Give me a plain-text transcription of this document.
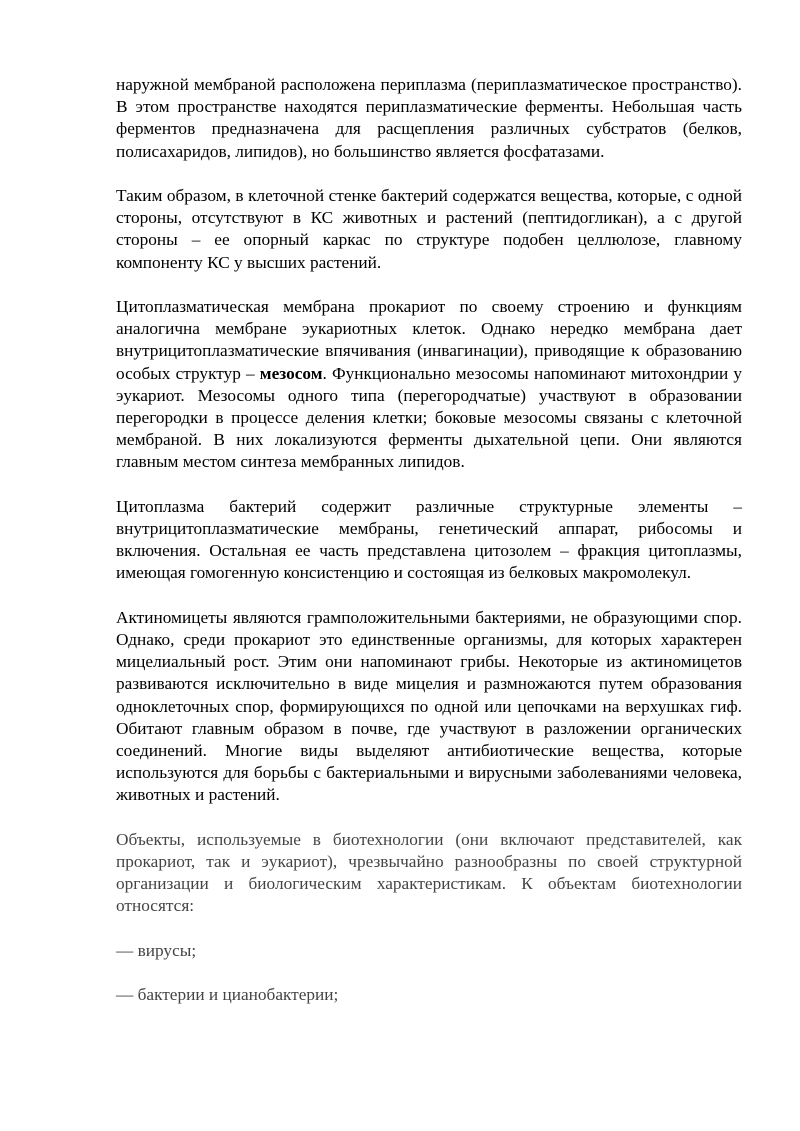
наружной мембраной расположена периплазма (периплазматическое пространство). В этом пространстве находятся периплазматические ферменты. Небольшая часть ферментов предназначена для расщепления различных субстратов (белков, полисахаридов, липидов), но большинство является фосфатазами.

Таким образом, в клеточной стенке бактерий содержатся вещества, которые, с одной стороны, отсутствуют в КС животных и растений (пептидогликан), а с другой стороны – ее опорный каркас по структуре подобен целлюлозе, главному компоненту КС у высших растений.

Цитоплазматическая мембрана прокариот по своему строению и функциям аналогична мембране эукариотных клеток. Однако нередко мембрана дает внутрицитоплазматические впячивания (инвагинации), приводящие к образованию особых структур – мезосом. Функционально мезосомы напоминают митохондрии у эукариот. Мезосомы одного типа (перегородчатые) участвуют в образовании перегородки в процессе деления клетки; боковые мезосомы связаны с клеточной мембраной. В них локализуются ферменты дыхательной цепи. Они являются главным местом синтеза мембранных липидов.

Цитоплазма бактерий содержит различные структурные элементы – внутрицитоплазматические мембраны, генетический аппарат, рибосомы и включения. Остальная ее часть представлена цитозолем – фракция цитоплазмы, имеющая гомогенную консистенцию и состоящая из белковых макромолекул.

Актиномицеты являются грамположительными бактериями, не образующими спор. Однако, среди прокариот это единственные организмы, для которых характерен мицелиальный рост. Этим они напоминают грибы. Некоторые из актиномицетов развиваются исключительно в виде мицелия и размножаются путем образования одноклеточных спор, формирующихся по одной или цепочками на верхушках гиф. Обитают главным образом в почве, где участвуют в разложении органических соединений. Многие виды выделяют антибиотические вещества, которые используются для борьбы с бактериальными и вирусными заболеваниями человека, животных и растений.

Объекты, используемые в биотехнологии (они включают представителей, как прокариот, так и эукариот), чрезвычайно разнообразны по своей структурной организации и биологическим характеристикам. К объектам биотехнологии относятся:

— вирусы;

— бактерии и цианобактерии;
